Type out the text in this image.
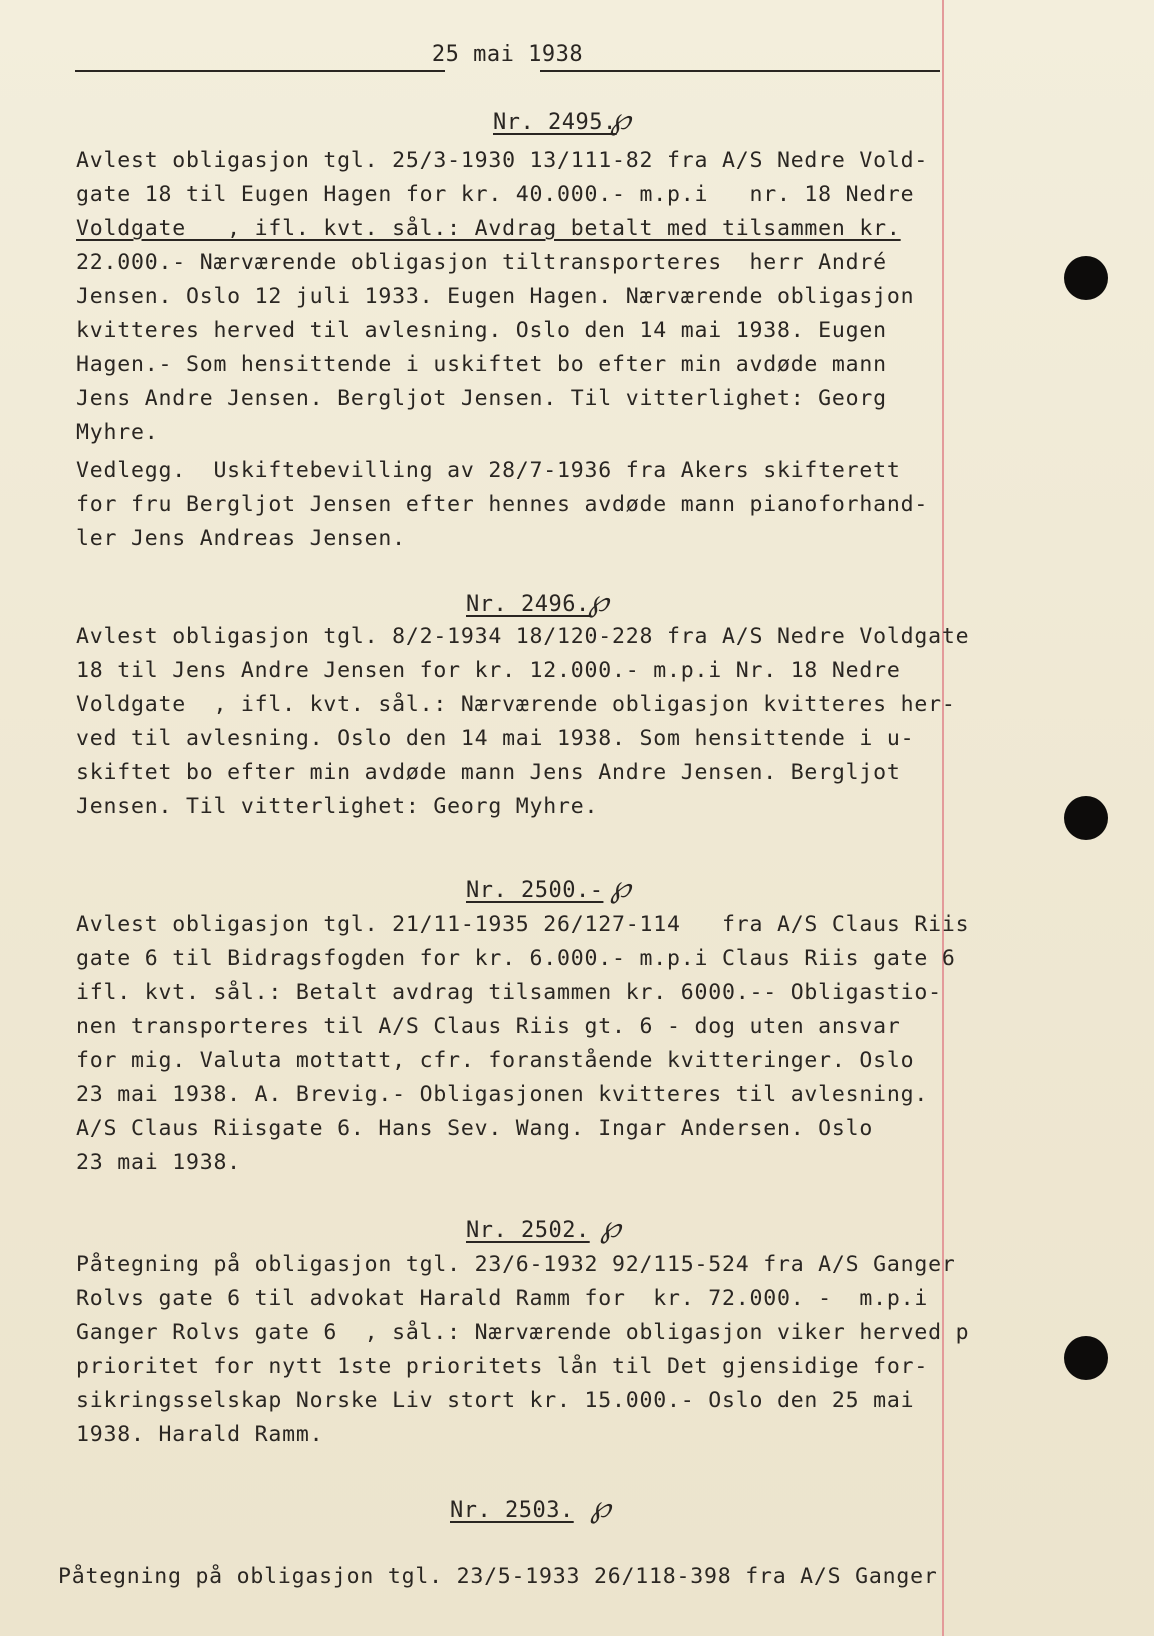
25 mai 1938
Nr. 2495.
℘
Avlest obligasjon tgl. 25/3-1930 13/111-82 fra A/S Nedre Vold-
gate 18 til Eugen Hagen for kr. 40.000.- m.p.i   nr. 18 Nedre
Voldgate   , ifl. kvt. sål.: Avdrag betalt med tilsammen kr.
22.000.- Nærværende obligasjon tiltransporteres  herr André
Jensen. Oslo 12 juli 1933. Eugen Hagen. Nærværende obligasjon
kvitteres herved til avlesning. Oslo den 14 mai 1938. Eugen
Hagen.- Som hensittende i uskiftet bo efter min avdøde mann
Jens Andre Jensen. Bergljot Jensen. Til vitterlighet: Georg
Myhre.
Vedlegg.  Uskiftebevilling av 28/7-1936 fra Akers skifterett
for fru Bergljot Jensen efter hennes avdøde mann pianoforhand-
ler Jens Andreas Jensen.
Nr. 2496.
℘
Avlest obligasjon tgl. 8/2-1934 18/120-228 fra A/S Nedre Voldgate
18 til Jens Andre Jensen for kr. 12.000.- m.p.i Nr. 18 Nedre
Voldgate  , ifl. kvt. sål.: Nærværende obligasjon kvitteres her-
ved til avlesning. Oslo den 14 mai 1938. Som hensittende i u-
skiftet bo efter min avdøde mann Jens Andre Jensen. Bergljot
Jensen. Til vitterlighet: Georg Myhre.
Nr. 2500.- ℘
Avlest obligasjon tgl. 21/11-1935 26/127-114   fra A/S Claus Riis
gate 6 til Bidragsfogden for kr. 6.000.- m.p.i Claus Riis gate 6
ifl. kvt. sål.: Betalt avdrag tilsammen kr. 6000.-- Obligastio-
nen transporteres til A/S Claus Riis gt. 6 - dog uten ansvar
for mig. Valuta mottatt, cfr. foranstående kvitteringer. Oslo
23 mai 1938. A. Brevig.- Obligasjonen kvitteres til avlesning.
A/S Claus Riisgate 6. Hans Sev. Wang. Ingar Andersen. Oslo
23 mai 1938.
Nr. 2502. ℘
Påtegning på obligasjon tgl. 23/6-1932 92/115-524 fra A/S Ganger
Rolvs gate 6 til advokat Harald Ramm for  kr. 72.000. -  m.p.i
Ganger Rolvs gate 6  , sål.: Nærværende obligasjon viker herved p
prioritet for nytt 1ste prioritets lån til Det gjensidige for-
sikringsselskap Norske Liv stort kr. 15.000.- Oslo den 25 mai
1938. Harald Ramm.
Nr. 2503. ℘
Påtegning på obligasjon tgl. 23/5-1933 26/118-398 fra A/S Ganger
